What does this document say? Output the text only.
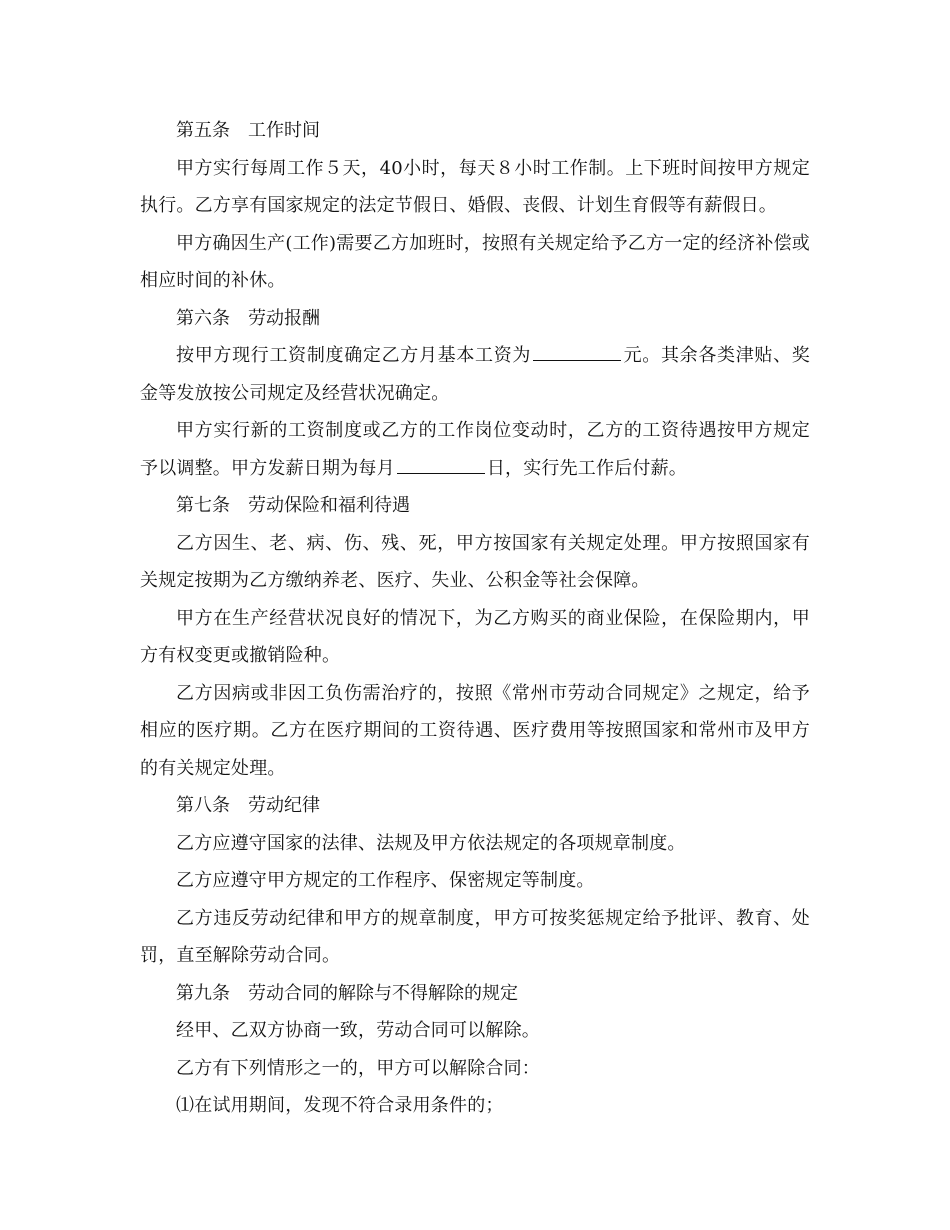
第五条　工作时间

甲方实行每周工作５天，40小时，每天８小时工作制。上下班时间按甲方规定执行。乙方享有国家规定的法定节假日、婚假、丧假、计划生育假等有薪假日。

甲方确因生产(工作)需要乙方加班时，按照有关规定给予乙方一定的经济补偿或相应时间的补休。

第六条　劳动报酬

按甲方现行工资制度确定乙方月基本工资为	元。其余各类津贴、奖金等发放按公司规定及经营状况确定。

甲方实行新的工资制度或乙方的工作岗位变动时，乙方的工资待遇按甲方规定予以调整。甲方发薪日期为每月	日，实行先工作后付薪。

第七条　劳动保险和福利待遇

乙方因生、老、病、伤、残、死，甲方按国家有关规定处理。甲方按照国家有关规定按期为乙方缴纳养老、医疗、失业、公积金等社会保障。

甲方在生产经营状况良好的情况下，为乙方购买的商业保险，在保险期内，甲方有权变更或撤销险种。

乙方因病或非因工负伤需治疗的，按照《常州市劳动合同规定》之规定，给予相应的医疗期。乙方在医疗期间的工资待遇、医疗费用等按照国家和常州市及甲方的有关规定处理。

第八条　劳动纪律

乙方应遵守国家的法律、法规及甲方依法规定的各项规章制度。

乙方应遵守甲方规定的工作程序、保密规定等制度。

乙方违反劳动纪律和甲方的规章制度，甲方可按奖惩规定给予批评、教育、处罚，直至解除劳动合同。

第九条　劳动合同的解除与不得解除的规定

经甲、乙双方协商一致，劳动合同可以解除。

乙方有下列情形之一的，甲方可以解除合同：

⑴在试用期间，发现不符合录用条件的；
